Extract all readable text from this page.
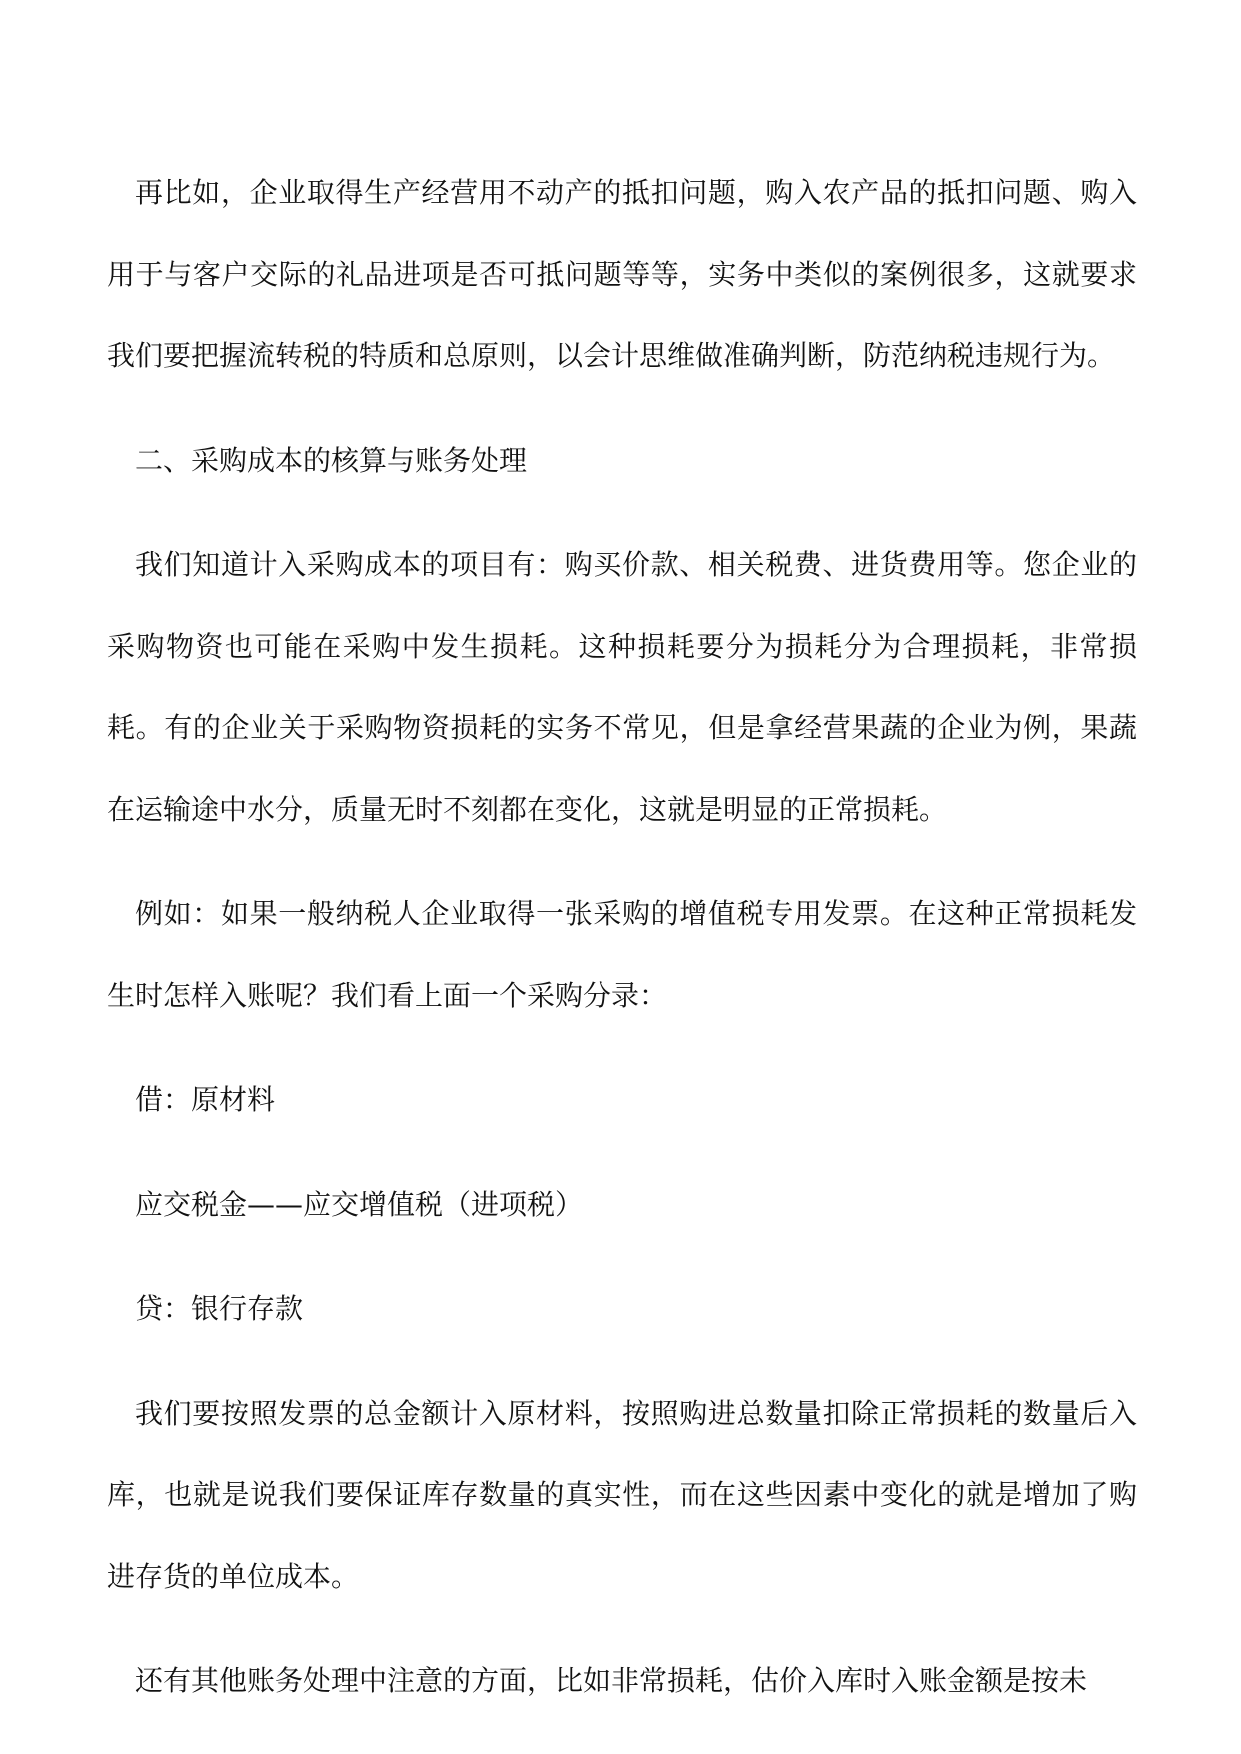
再比如，企业取得生产经营用不动产的抵扣问题，购入农产品的抵扣问题、购入用于与客户交际的礼品进项是否可抵问题等等，实务中类似的案例很多，这就要求我们要把握流转税的特质和总原则，以会计思维做准确判断，防范纳税违规行为。

二、采购成本的核算与账务处理

我们知道计入采购成本的项目有：购买价款、相关税费、进货费用等。您企业的采购物资也可能在采购中发生损耗。这种损耗要分为损耗分为合理损耗，非常损耗。有的企业关于采购物资损耗的实务不常见，但是拿经营果蔬的企业为例，果蔬在运输途中水分，质量无时不刻都在变化，这就是明显的正常损耗。

例如：如果一般纳税人企业取得一张采购的增值税专用发票。在这种正常损耗发生时怎样入账呢？我们看上面一个采购分录：

借：原材料

应交税金——应交增值税（进项税）

贷：银行存款

我们要按照发票的总金额计入原材料，按照购进总数量扣除正常损耗的数量后入库，也就是说我们要保证库存数量的真实性，而在这些因素中变化的就是增加了购进存货的单位成本。

还有其他账务处理中注意的方面，比如非常损耗，估价入库时入账金额是按未
